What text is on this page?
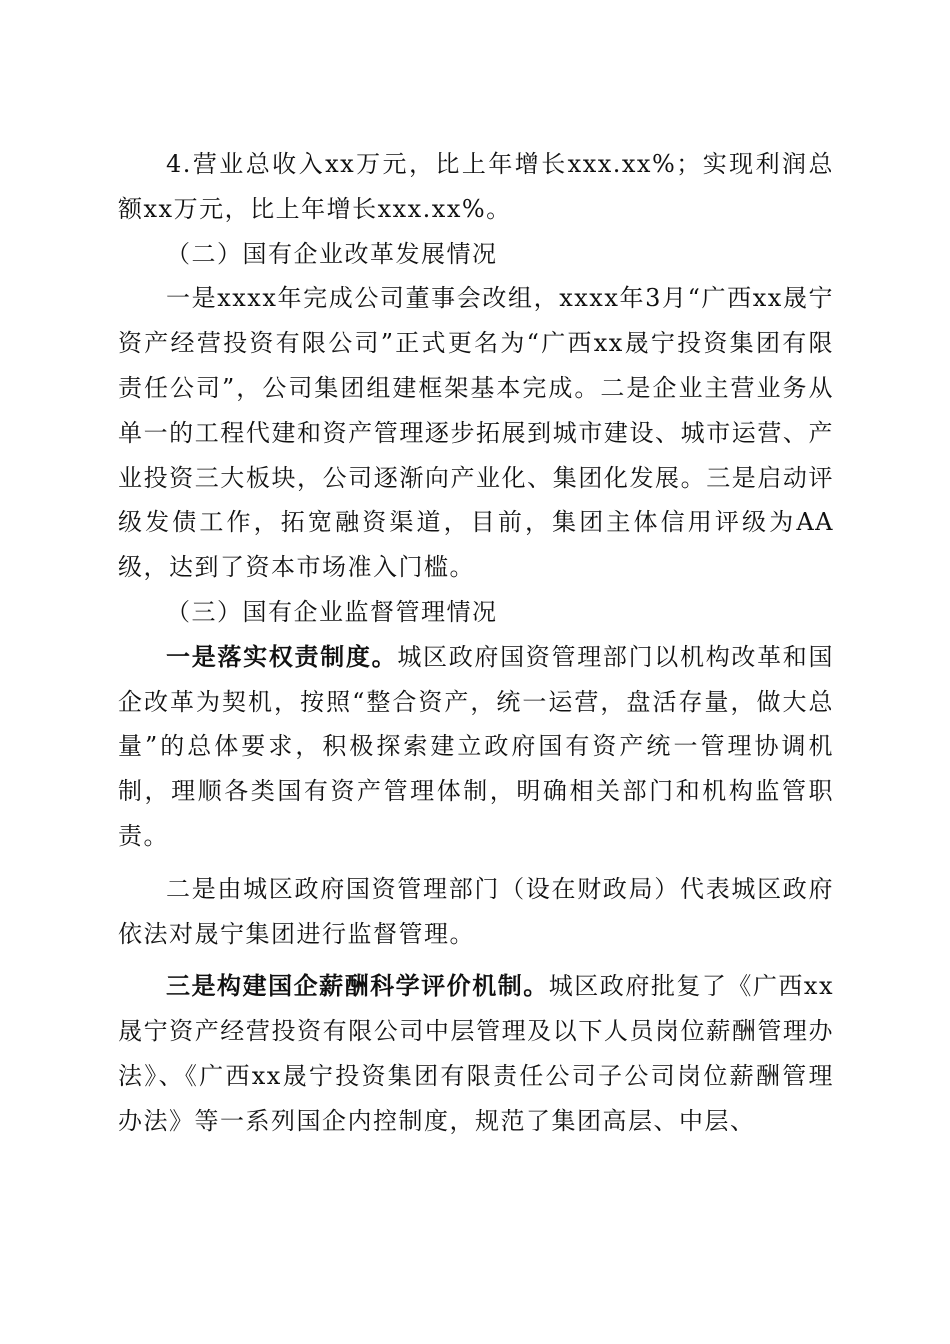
4.营业总收入xx万元，比上年增长xxx.xx%；实现利润总额xx万元，比上年增长xxx.xx%。

（二）国有企业改革发展情况

一是xxxx年完成公司董事会改组，xxxx年3月“广西xx晟宁资产经营投资有限公司”正式更名为“广西xx晟宁投资集团有限责任公司”，公司集团组建框架基本完成。二是企业主营业务从单一的工程代建和资产管理逐步拓展到城市建设、城市运营、产业投资三大板块，公司逐渐向产业化、集团化发展。三是启动评级发债工作，拓宽融资渠道，目前，集团主体信用评级为AA级，达到了资本市场准入门槛。

（三）国有企业监督管理情况

一是落实权责制度。城区政府国资管理部门以机构改革和国企改革为契机，按照“整合资产，统一运营，盘活存量，做大总量”的总体要求，积极探索建立政府国有资产统一管理协调机制，理顺各类国有资产管理体制，明确相关部门和机构监管职责。

二是由城区政府国资管理部门（设在财政局）代表城区政府依法对晟宁集团进行监督管理。

三是构建国企薪酬科学评价机制。城区政府批复了《广西xx晟宁资产经营投资有限公司中层管理及以下人员岗位薪酬管理办法》、《广西xx晟宁投资集团有限责任公司子公司岗位薪酬管理办法》等一系列国企内控制度，规范了集团高层、中层、
